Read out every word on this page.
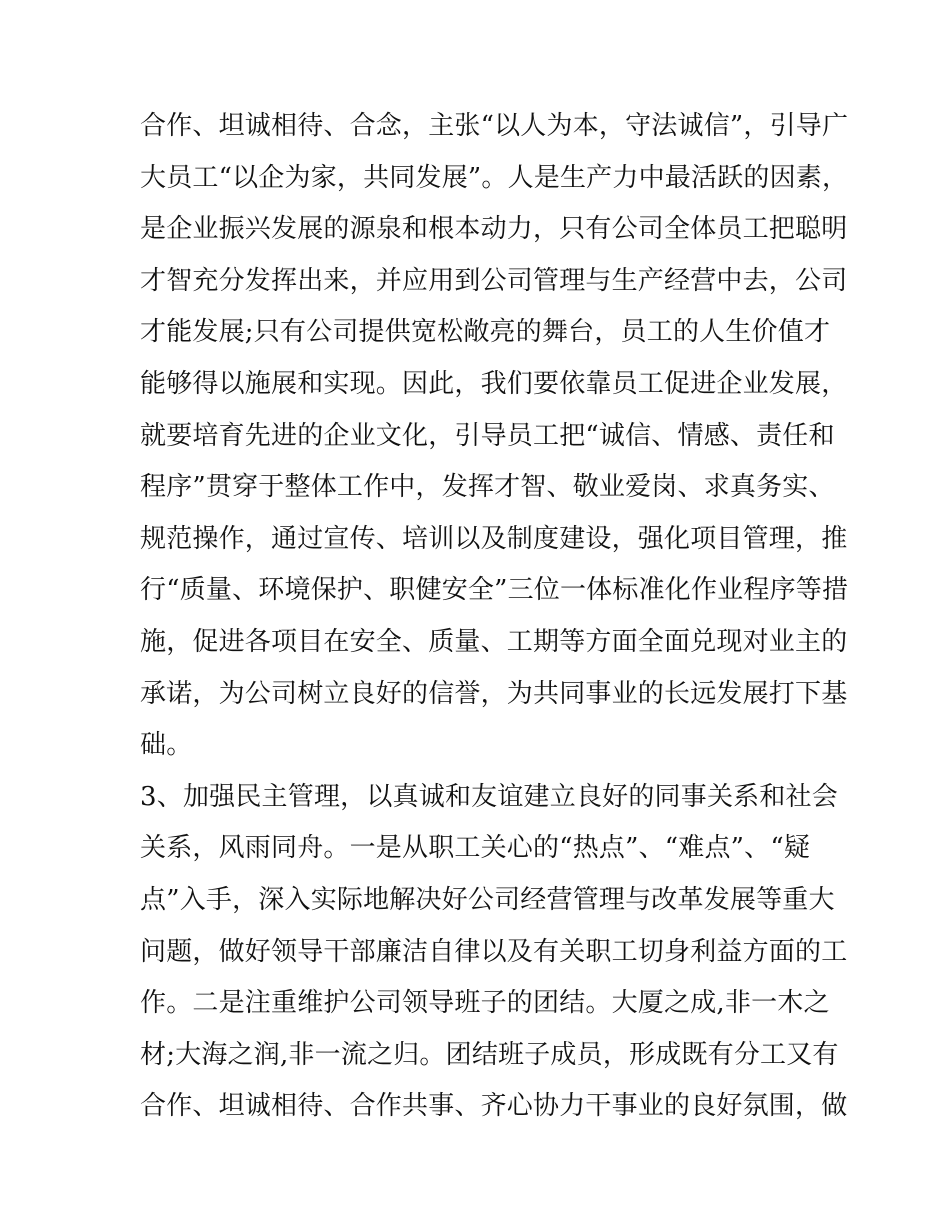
合作、坦诚相待、合念，主张“以人为本，守法诚信”，引导广
大员工“以企为家，共同发展”。人是生产力中最活跃的因素，
是企业振兴发展的源泉和根本动力，只有公司全体员工把聪明
才智充分发挥出来，并应用到公司管理与生产经营中去，公司
才能发展;只有公司提供宽松敞亮的舞台，员工的人生价值才
能够得以施展和实现。因此，我们要依靠员工促进企业发展，
就要培育先进的企业文化，引导员工把“诚信、情感、责任和
程序”贯穿于整体工作中，发挥才智、敬业爱岗、求真务实、
规范操作，通过宣传、培训以及制度建设，强化项目管理，推
行“质量、环境保护、职健安全”三位一体标准化作业程序等措
施，促进各项目在安全、质量、工期等方面全面兑现对业主的
承诺，为公司树立良好的信誉，为共同事业的长远发展打下基
础。
3、加强民主管理，以真诚和友谊建立良好的同事关系和社会
关系，风雨同舟。一是从职工关心的“热点”、“难点”、“疑
点”入手，深入实际地解决好公司经营管理与改革发展等重大
问题，做好领导干部廉洁自律以及有关职工切身利益方面的工
作。二是注重维护公司领导班子的团结。大厦之成,非一木之
材;大海之润,非一流之归。团结班子成员，形成既有分工又有
合作、坦诚相待、合作共事、齐心协力干事业的良好氛围，做
